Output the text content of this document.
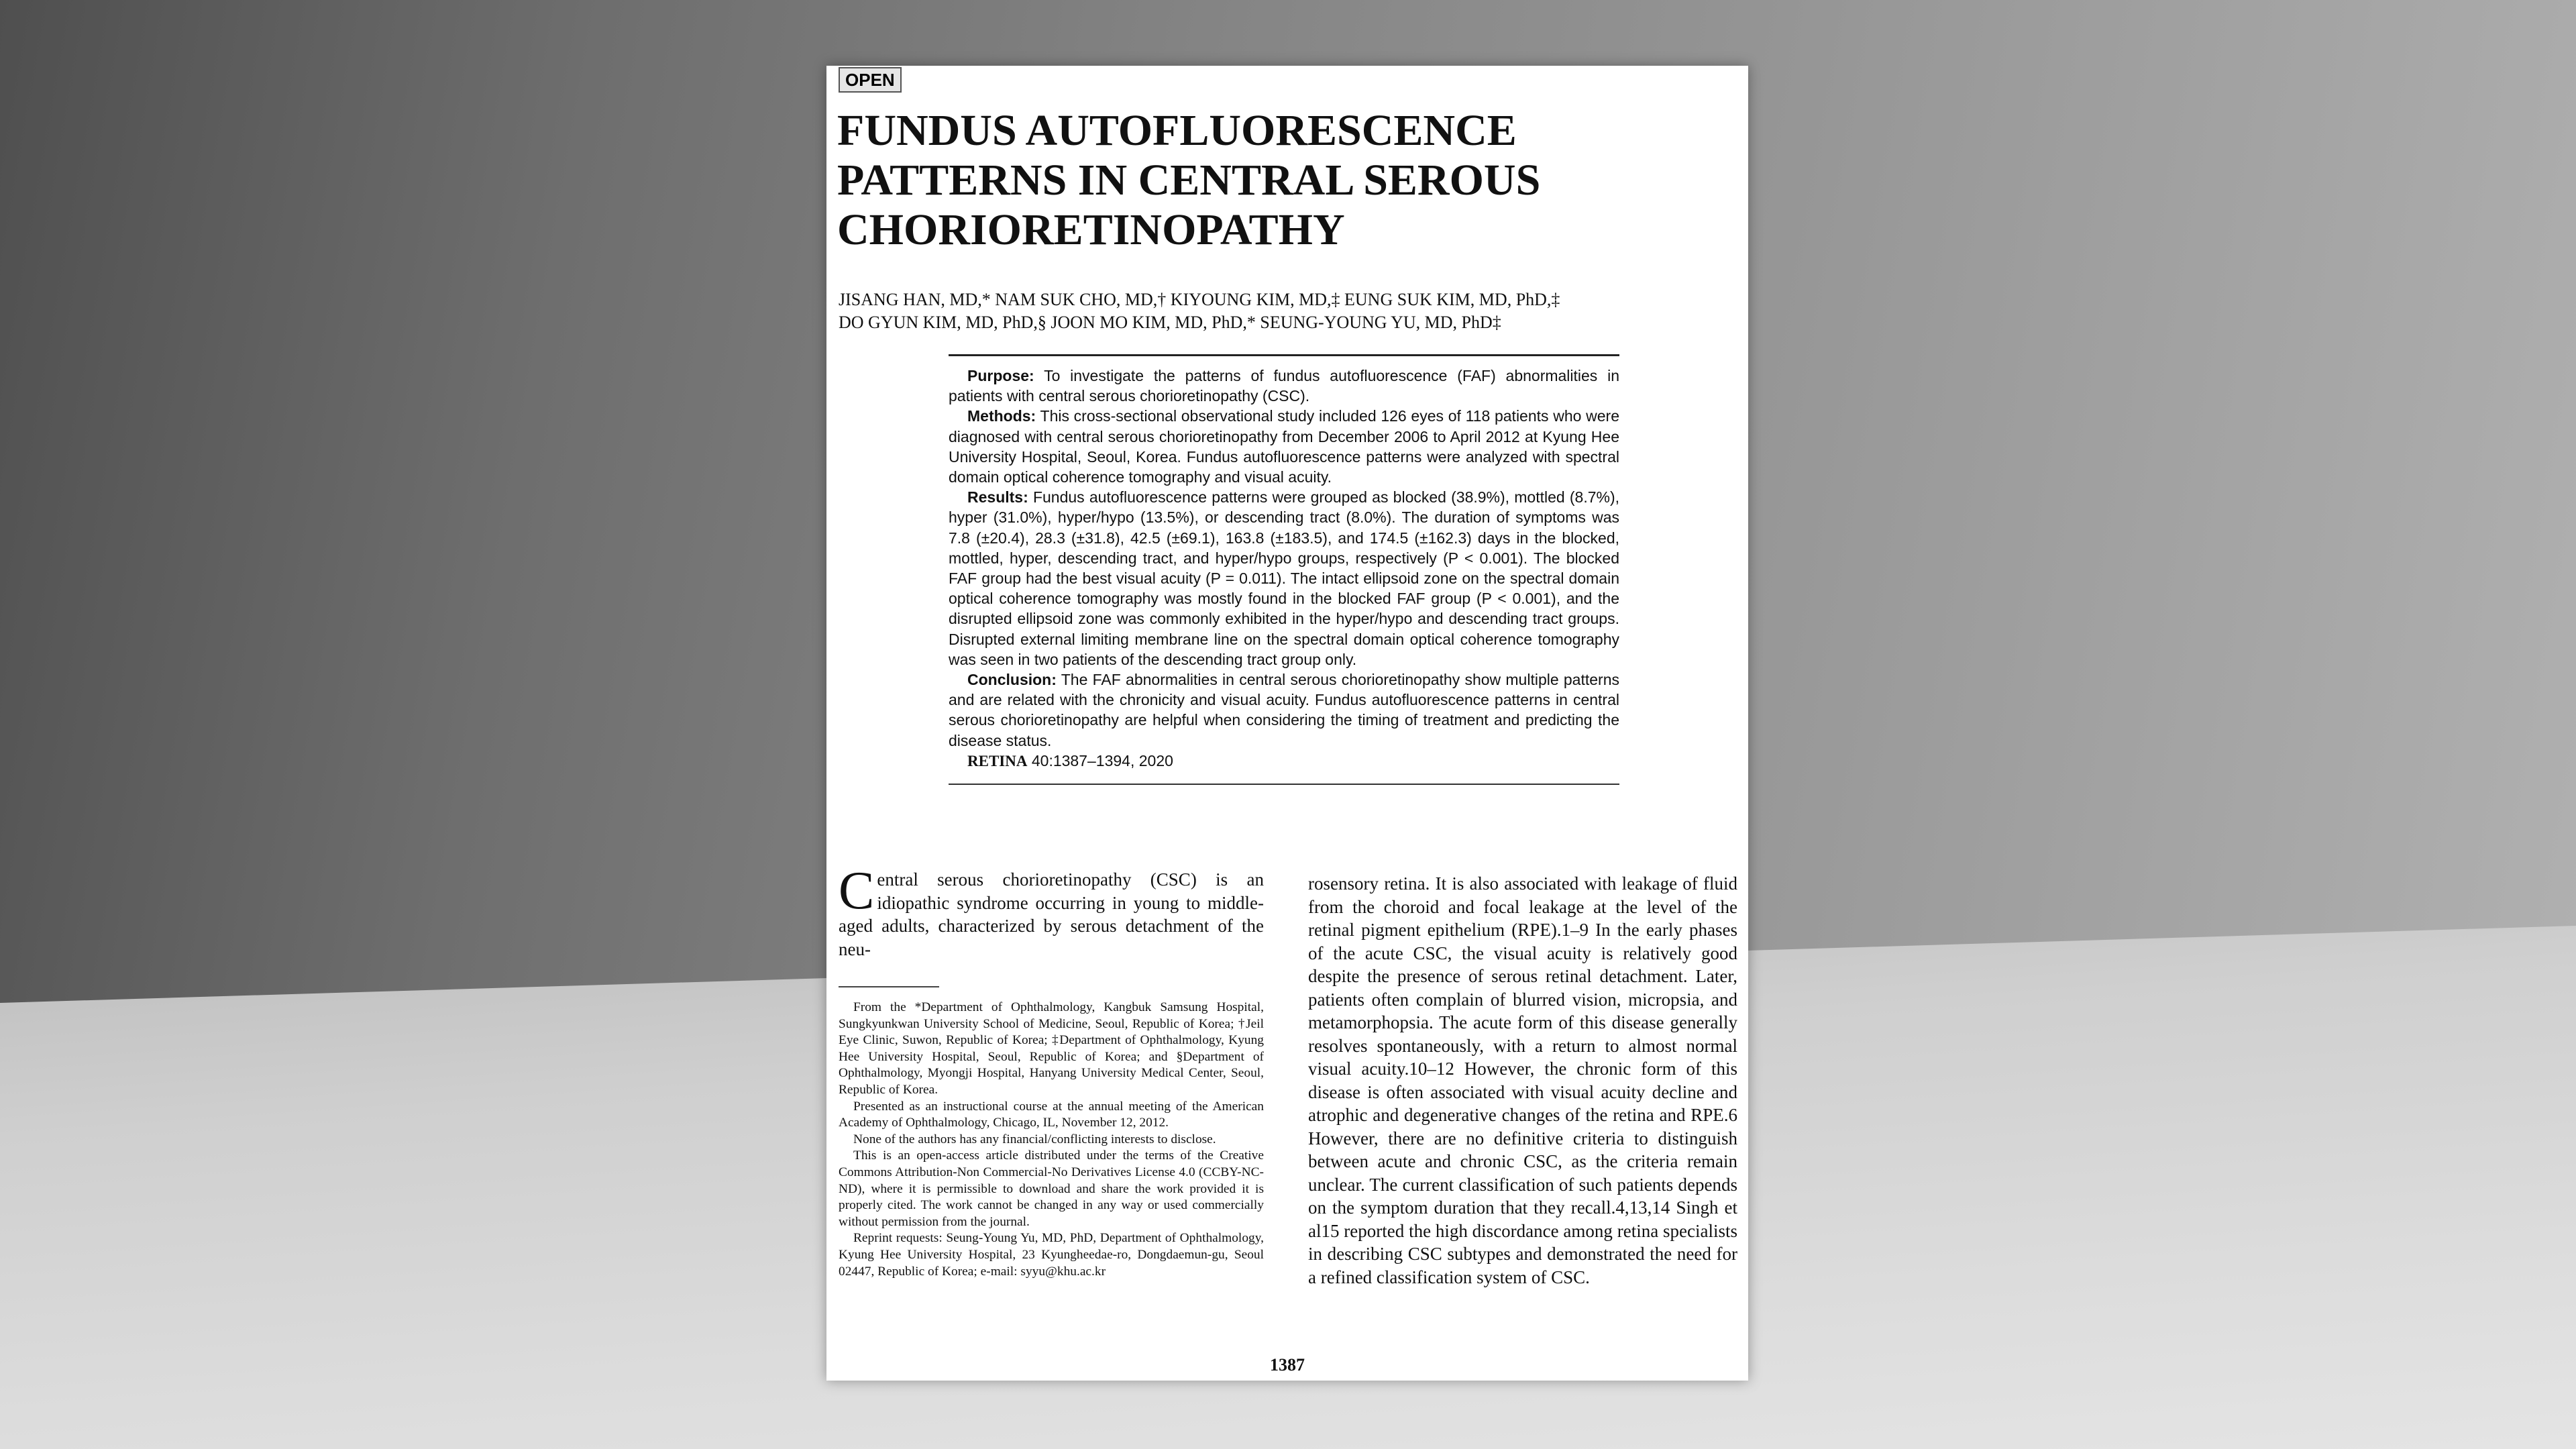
OPEN
FUNDUS AUTOFLUORESCENCE PATTERNS IN CENTRAL SEROUS CHORIORETINOPATHY
JISANG HAN, MD,* NAM SUK CHO, MD,† KIYOUNG KIM, MD,‡ EUNG SUK KIM, MD, PhD,‡
DO GYUN KIM, MD, PhD,§ JOON MO KIM, MD, PhD,* SEUNG-YOUNG YU, MD, PhD‡

Purpose: To investigate the patterns of fundus autofluorescence (FAF) abnormalities in patients with central serous chorioretinopathy (CSC).

Methods: This cross-sectional observational study included 126 eyes of 118 patients who were diagnosed with central serous chorioretinopathy from December 2006 to April 2012 at Kyung Hee University Hospital, Seoul, Korea. Fundus autofluorescence patterns were analyzed with spectral domain optical coherence tomography and visual acuity.

Results: Fundus autofluorescence patterns were grouped as blocked (38.9%), mottled (8.7%), hyper (31.0%), hyper/hypo (13.5%), or descending tract (8.0%). The duration of symptoms was 7.8 (±20.4), 28.3 (±31.8), 42.5 (±69.1), 163.8 (±183.5), and 174.5 (±162.3) days in the blocked, mottled, hyper, descending tract, and hyper/hypo groups, respectively (P < 0.001). The blocked FAF group had the best visual acuity (P = 0.011). The intact ellipsoid zone on the spectral domain optical coherence tomography was mostly found in the blocked FAF group (P < 0.001), and the disrupted ellipsoid zone was commonly exhibited in the hyper/hypo and descending tract groups. Disrupted external limiting membrane line on the spectral domain optical coherence tomography was seen in two patients of the descending tract group only.

Conclusion: The FAF abnormalities in central serous chorioretinopathy show multiple patterns and are related with the chronicity and visual acuity. Fundus autofluorescence patterns in central serous chorioretinopathy are helpful when considering the timing of treatment and predicting the disease status.

RETINA 40:1387–1394, 2020

Central serous chorioretinopathy (CSC) is an idiopathic syndrome occurring in young to middle-aged adults, characterized by serous detachment of the neu-

From the *Department of Ophthalmology, Kangbuk Samsung Hospital, Sungkyunkwan University School of Medicine, Seoul, Republic of Korea; †Jeil Eye Clinic, Suwon, Republic of Korea; ‡Department of Ophthalmology, Kyung Hee University Hospital, Seoul, Republic of Korea; and §Department of Ophthalmology, Myongji Hospital, Hanyang University Medical Center, Seoul, Republic of Korea.

Presented as an instructional course at the annual meeting of the American Academy of Ophthalmology, Chicago, IL, November 12, 2012.

None of the authors has any financial/conflicting interests to disclose.

This is an open-access article distributed under the terms of the Creative Commons Attribution-Non Commercial-No Derivatives License 4.0 (CCBY-NC-ND), where it is permissible to download and share the work provided it is properly cited. The work cannot be changed in any way or used commercially without permission from the journal.

Reprint requests: Seung-Young Yu, MD, PhD, Department of Ophthalmology, Kyung Hee University Hospital, 23 Kyungheedae-ro, Dongdaemun-gu, Seoul 02447, Republic of Korea; e-mail: syyu@khu.ac.kr

rosensory retina. It is also associated with leakage of fluid from the choroid and focal leakage at the level of the retinal pigment epithelium (RPE).1–9 In the early phases of the acute CSC, the visual acuity is relatively good despite the presence of serous retinal detachment. Later, patients often complain of blurred vision, micropsia, and metamorphopsia. The acute form of this disease generally resolves spontaneously, with a return to almost normal visual acuity.10–12 However, the chronic form of this disease is often associated with visual acuity decline and atrophic and degenerative changes of the retina and RPE.6 However, there are no definitive criteria to distinguish between acute and chronic CSC, as the criteria remain unclear. The current classification of such patients depends on the symptom duration that they recall.4,13,14 Singh et al15 reported the high discordance among retina specialists in describing CSC subtypes and demonstrated the need for a refined classification system of CSC.

1387
